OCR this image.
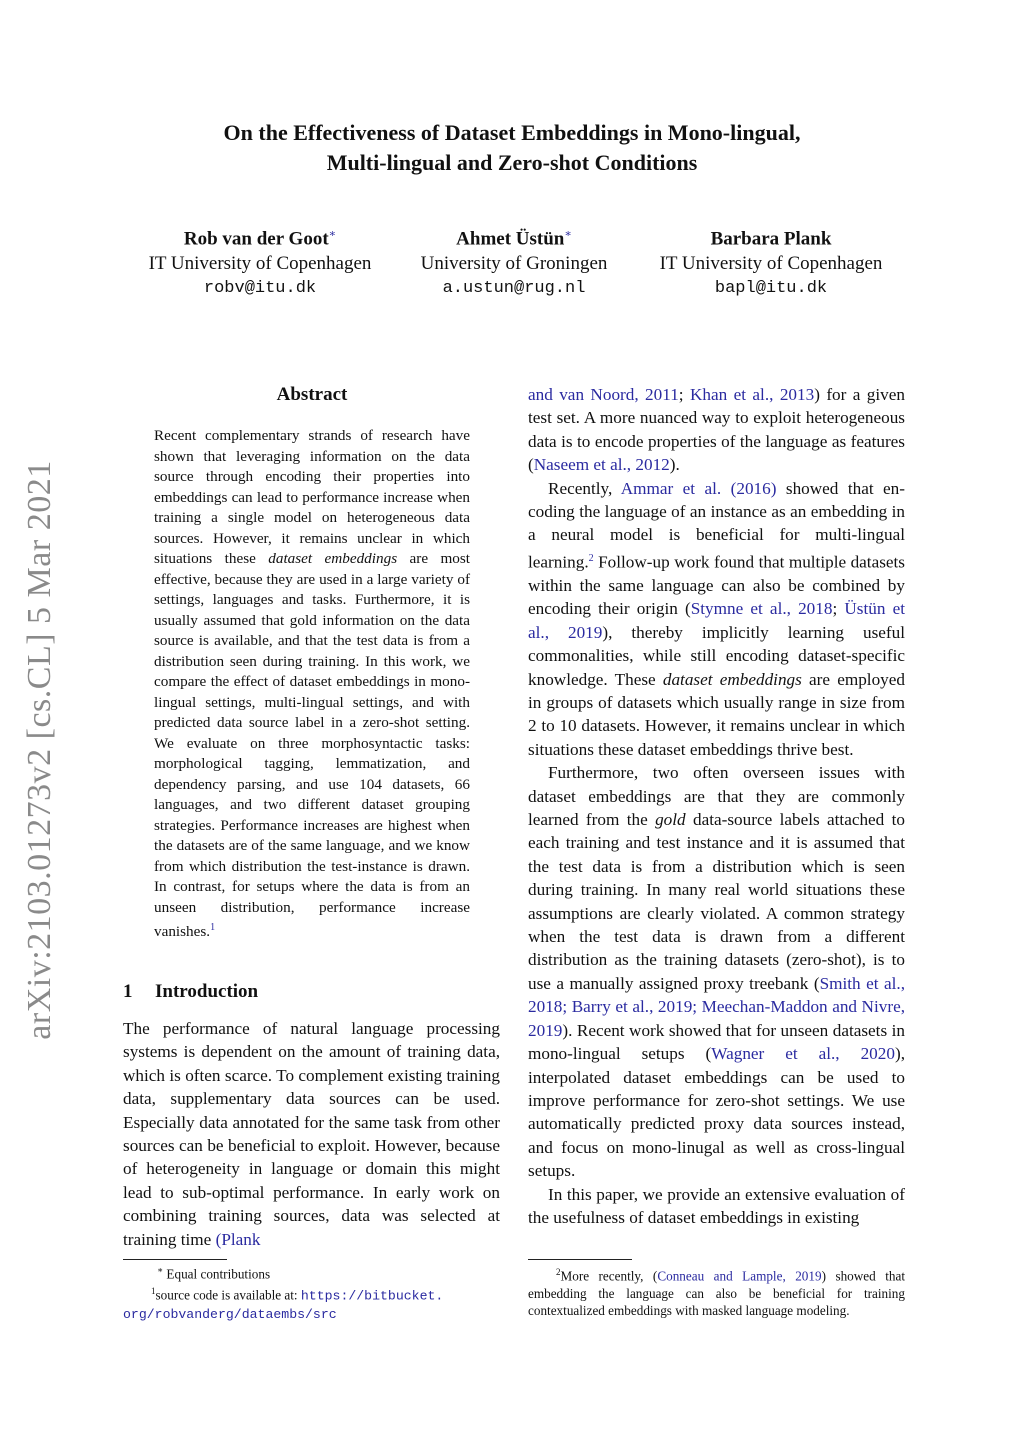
On the Effectiveness of Dataset Embeddings in Mono-lingual,
Multi-lingual and Zero-shot Conditions
Rob van der Goot∗
IT University of Copenhagen
robv@itu.dk
Ahmet Üstün∗
University of Groningen
a.ustun@rug.nl
Barbara Plank
IT University of Copenhagen
bapl@itu.dk
arXiv:2103.01273v2 [cs.CL] 5 Mar 2021
Abstract
Recent complementary strands of research have shown that leveraging information on the data source through encoding their properties into embeddings can lead to performance increase when training a single model on heterogeneous data sources. However, it remains unclear in which situations these dataset embeddings are most effective, because they are used in a large variety of settings, languages and tasks. Furthermore, it is usually assumed that gold information on the data source is available, and that the test data is from a distribution seen during training. In this work, we compare the effect of dataset embeddings in mono-lingual settings, multi-lingual settings, and with predicted data source label in a zero-shot setting. We evaluate on three morphosyntactic tasks: morphological tagging, lemmatization, and dependency parsing, and use 104 datasets, 66 languages, and two different dataset grouping strategies. Performance increases are highest when the datasets are of the same language, and we know from which distribution the test-instance is drawn. In contrast, for setups where the data is from an unseen distribution, performance increase vanishes.$^1$
1 Introduction

The performance of natural language processing systems is dependent on the amount of training data, which is often scarce. To complement existing training data, supplementary data sources can be used. Especially data annotated for the same task from other sources can be beneficial to exploit. However, because of heterogeneity in language or domain this might lead to sub-optimal performance. In early work on combining training sources, data was selected at training time (Plank

∗ Equal contributions
$^1$source code is available at: https://bitbucket.
org/robvanderg/dataembs/src

and van Noord, 2011; Khan et al., 2013) for a given test set. A more nuanced way to exploit heterogeneous data is to encode properties of the language as features (Naseem et al., 2012).

Recently, Ammar et al. (2016) showed that encoding the language of an instance as an embedding in a neural model is beneficial for multi-lingual learning.$^2$ Follow-up work found that multiple datasets within the same language can also be combined by encoding their origin (Stymne et al., 2018; Üstün et al., 2019), thereby implicitly learning useful commonalities, while still encoding dataset-specific knowledge. These dataset embeddings are employed in groups of datasets which usually range in size from 2 to 10 datasets. However, it remains unclear in which situations these dataset embeddings thrive best.

Furthermore, two often overseen issues with dataset embeddings are that they are commonly learned from the gold data-source labels attached to each training and test instance and it is assumed that the test data is from a distribution which is seen during training. In many real world situations these assumptions are clearly violated. A common strategy when the test data is drawn from a different distribution as the training datasets (zero-shot), is to use a manually assigned proxy treebank (Smith et al., 2018; Barry et al., 2019; Meechan-Maddon and Nivre, 2019). Recent work showed that for unseen datasets in mono-lingual setups (Wagner et al., 2020), interpolated dataset embeddings can be used to improve performance for zero-shot settings. We use automatically predicted proxy data sources instead, and focus on mono-linugal as well as cross-lingual setups.

In this paper, we provide an extensive evaluation of the usefulness of dataset embeddings in existing

$^2$More recently, (Conneau and Lample, 2019) showed that embedding the language can also be beneficial for training contextualized embeddings with masked language modeling.
